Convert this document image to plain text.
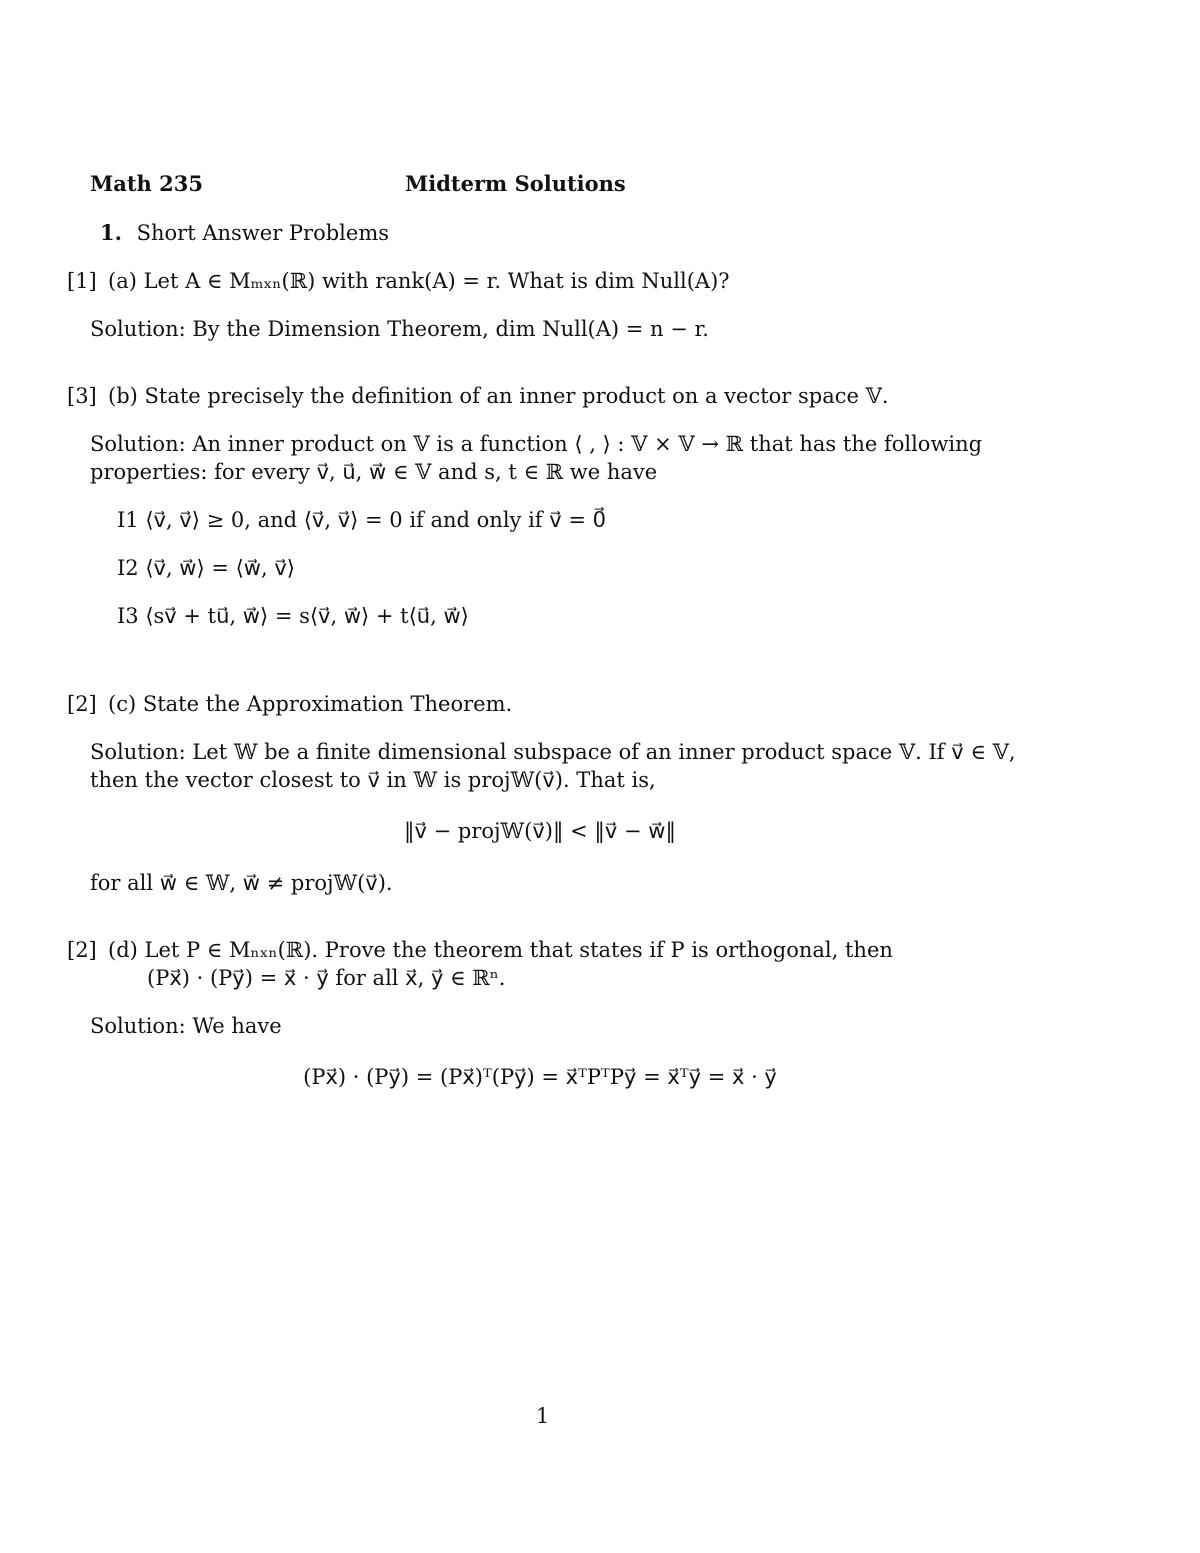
Math 235	Midterm Solutions
1. Short Answer Problems
[1] (a) Let A ∈ Mₘₓₙ(ℝ) with rank(A) = r. What is dim Null(A)?
Solution: By the Dimension Theorem, dim Null(A) = n − r.
[3] (b) State precisely the definition of an inner product on a vector space 𝕍.
Solution: An inner product on 𝕍 is a function ⟨ , ⟩ : 𝕍 × 𝕍 → ℝ that has the following
properties: for every v⃗, u⃗, w⃗ ∈ 𝕍 and s, t ∈ ℝ we have
I1 ⟨v⃗, v⃗⟩ ≥ 0, and ⟨v⃗, v⃗⟩ = 0 if and only if v⃗ = 0⃗
I2 ⟨v⃗, w⃗⟩ = ⟨w⃗, v⃗⟩
I3 ⟨sv⃗ + tu⃗, w⃗⟩ = s⟨v⃗, w⃗⟩ + t⟨u⃗, w⃗⟩
[2] (c) State the Approximation Theorem.
Solution: Let 𝕎 be a finite dimensional subspace of an inner product space 𝕍. If v⃗ ∈ 𝕍,
then the vector closest to v⃗ in 𝕎 is proj𝕎(v⃗). That is,
‖v⃗ − proj𝕎(v⃗)‖ < ‖v⃗ − w⃗‖
for all w⃗ ∈ 𝕎, w⃗ ≠ proj𝕎(v⃗).
[2] (d) Let P ∈ Mₙₓₙ(ℝ). Prove the theorem that states if P is orthogonal, then
(Px⃗) · (Py⃗) = x⃗ · y⃗ for all x⃗, y⃗ ∈ ℝⁿ.
Solution: We have
(Px⃗) · (Py⃗) = (Px⃗)ᵀ(Py⃗) = x⃗ᵀPᵀPy⃗ = x⃗ᵀy⃗ = x⃗ · y⃗
1
